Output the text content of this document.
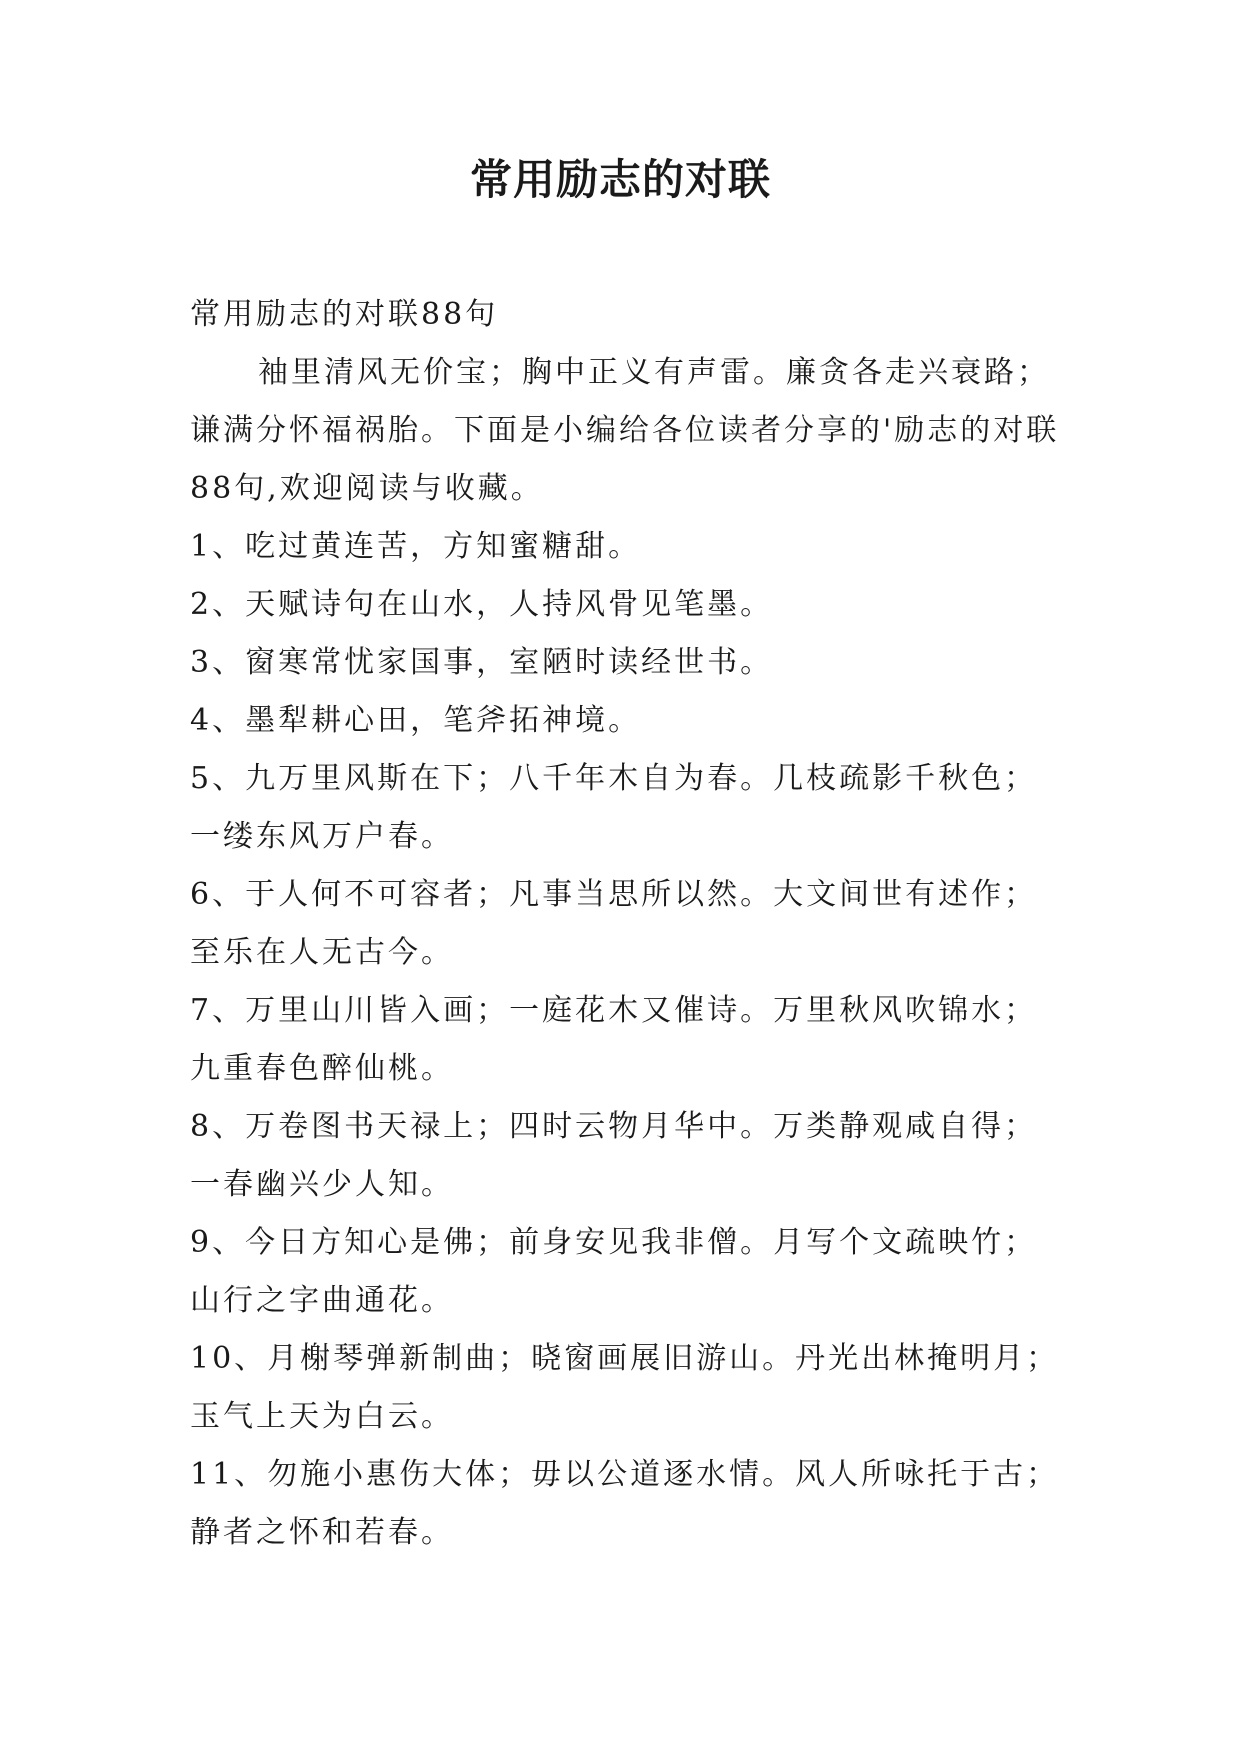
常用励志的对联

常用励志的对联88句

袖里清风无价宝；胸中正义有声雷。廉贪各走兴衰路；谦满分怀福祸胎。下面是小编给各位读者分享的'励志的对联88句,欢迎阅读与收藏。

1、吃过黄连苦，方知蜜糖甜。

2、天赋诗句在山水，人持风骨见笔墨。

3、窗寒常忧家国事，室陋时读经世书。

4、墨犁耕心田，笔斧拓神境。

5、九万里风斯在下；八千年木自为春。几枝疏影千秋色；一缕东风万户春。

6、于人何不可容者；凡事当思所以然。大文间世有述作；至乐在人无古今。

7、万里山川皆入画；一庭花木又催诗。万里秋风吹锦水；九重春色醉仙桃。

8、万卷图书天禄上；四时云物月华中。万类静观咸自得；一春幽兴少人知。

9、今日方知心是佛；前身安见我非僧。月写个文疏映竹；山行之字曲通花。

10、月榭琴弹新制曲；晓窗画展旧游山。丹光出林掩明月；玉气上天为白云。

11、勿施小惠伤大体；毋以公道逐水情。风人所咏托于古；静者之怀和若春。
